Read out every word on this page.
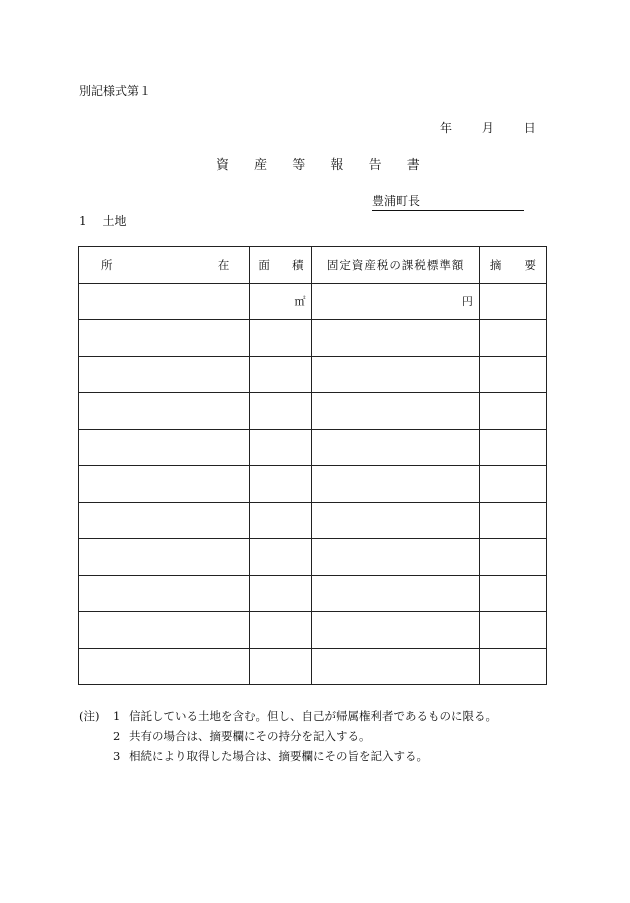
別記様式第１
年 月 日
資 産 等 報 告 書
豊浦町長
1 土地
所 在	面 積	固定資産税の課税標準額	摘 要

	㎡	円	

(注)	1 信託している土地を含む。但し、自己が帰属権利者であるものに限る。
2 共有の場合は、摘要欄にその持分を記入する。
3 相続により取得した場合は、摘要欄にその旨を記入する。
